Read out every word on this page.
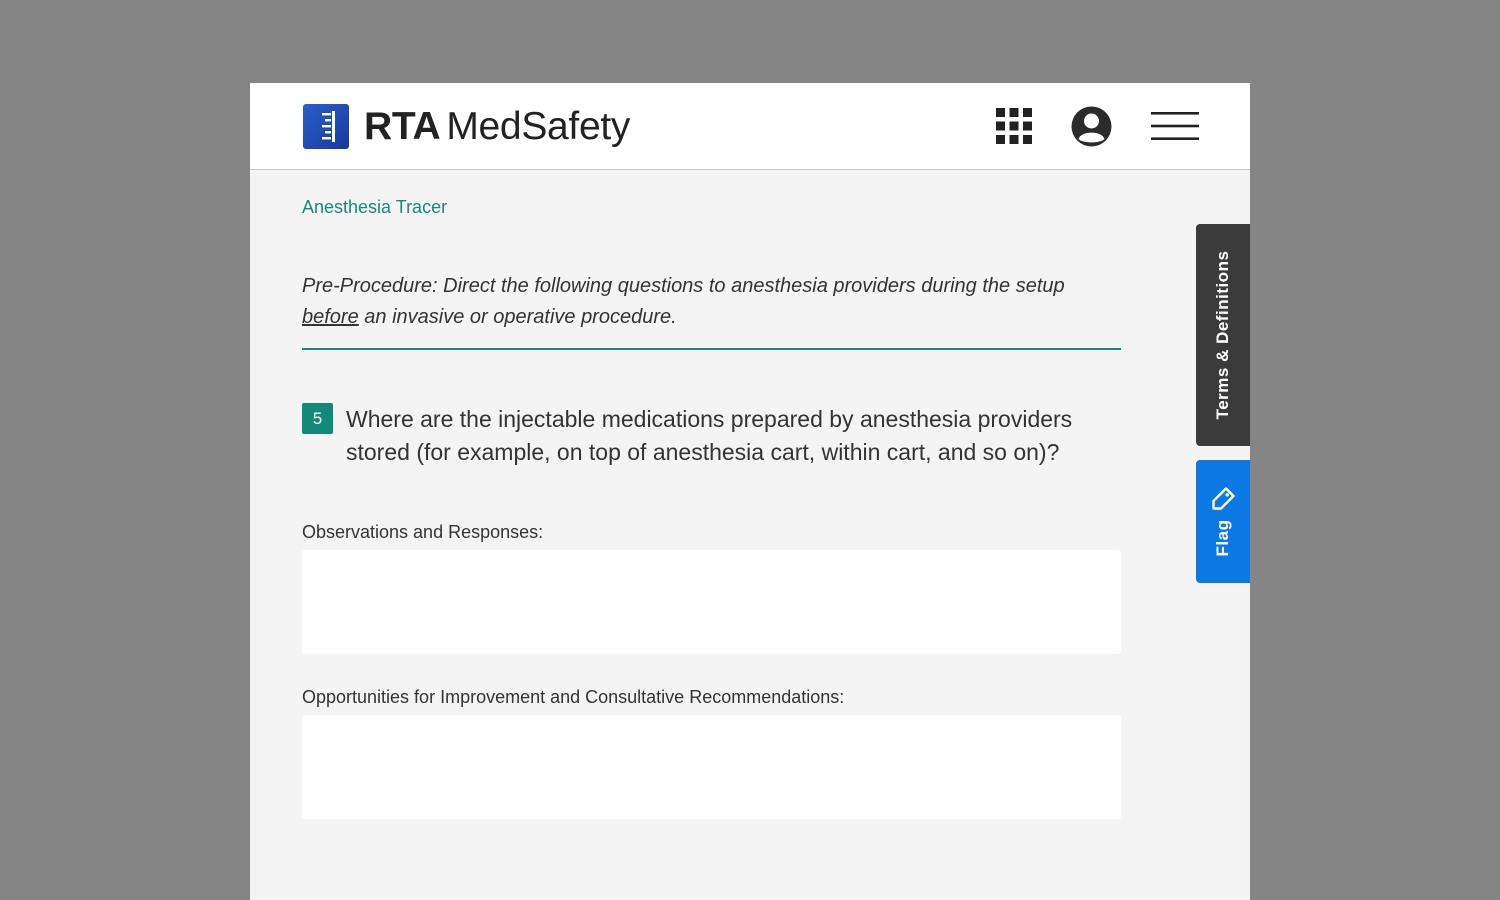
RTA MedSafety
Anesthesia Tracer
Pre-Procedure: Direct the following questions to anesthesia providers during the setup before an invasive or operative procedure.
5	Where are the injectable medications prepared by anesthesia providers stored (for example, on top of anesthesia cart, within cart, and so on)?
Observations and Responses:
Opportunities for Improvement and Consultative Recommendations:
Terms & Definitions
Flag
